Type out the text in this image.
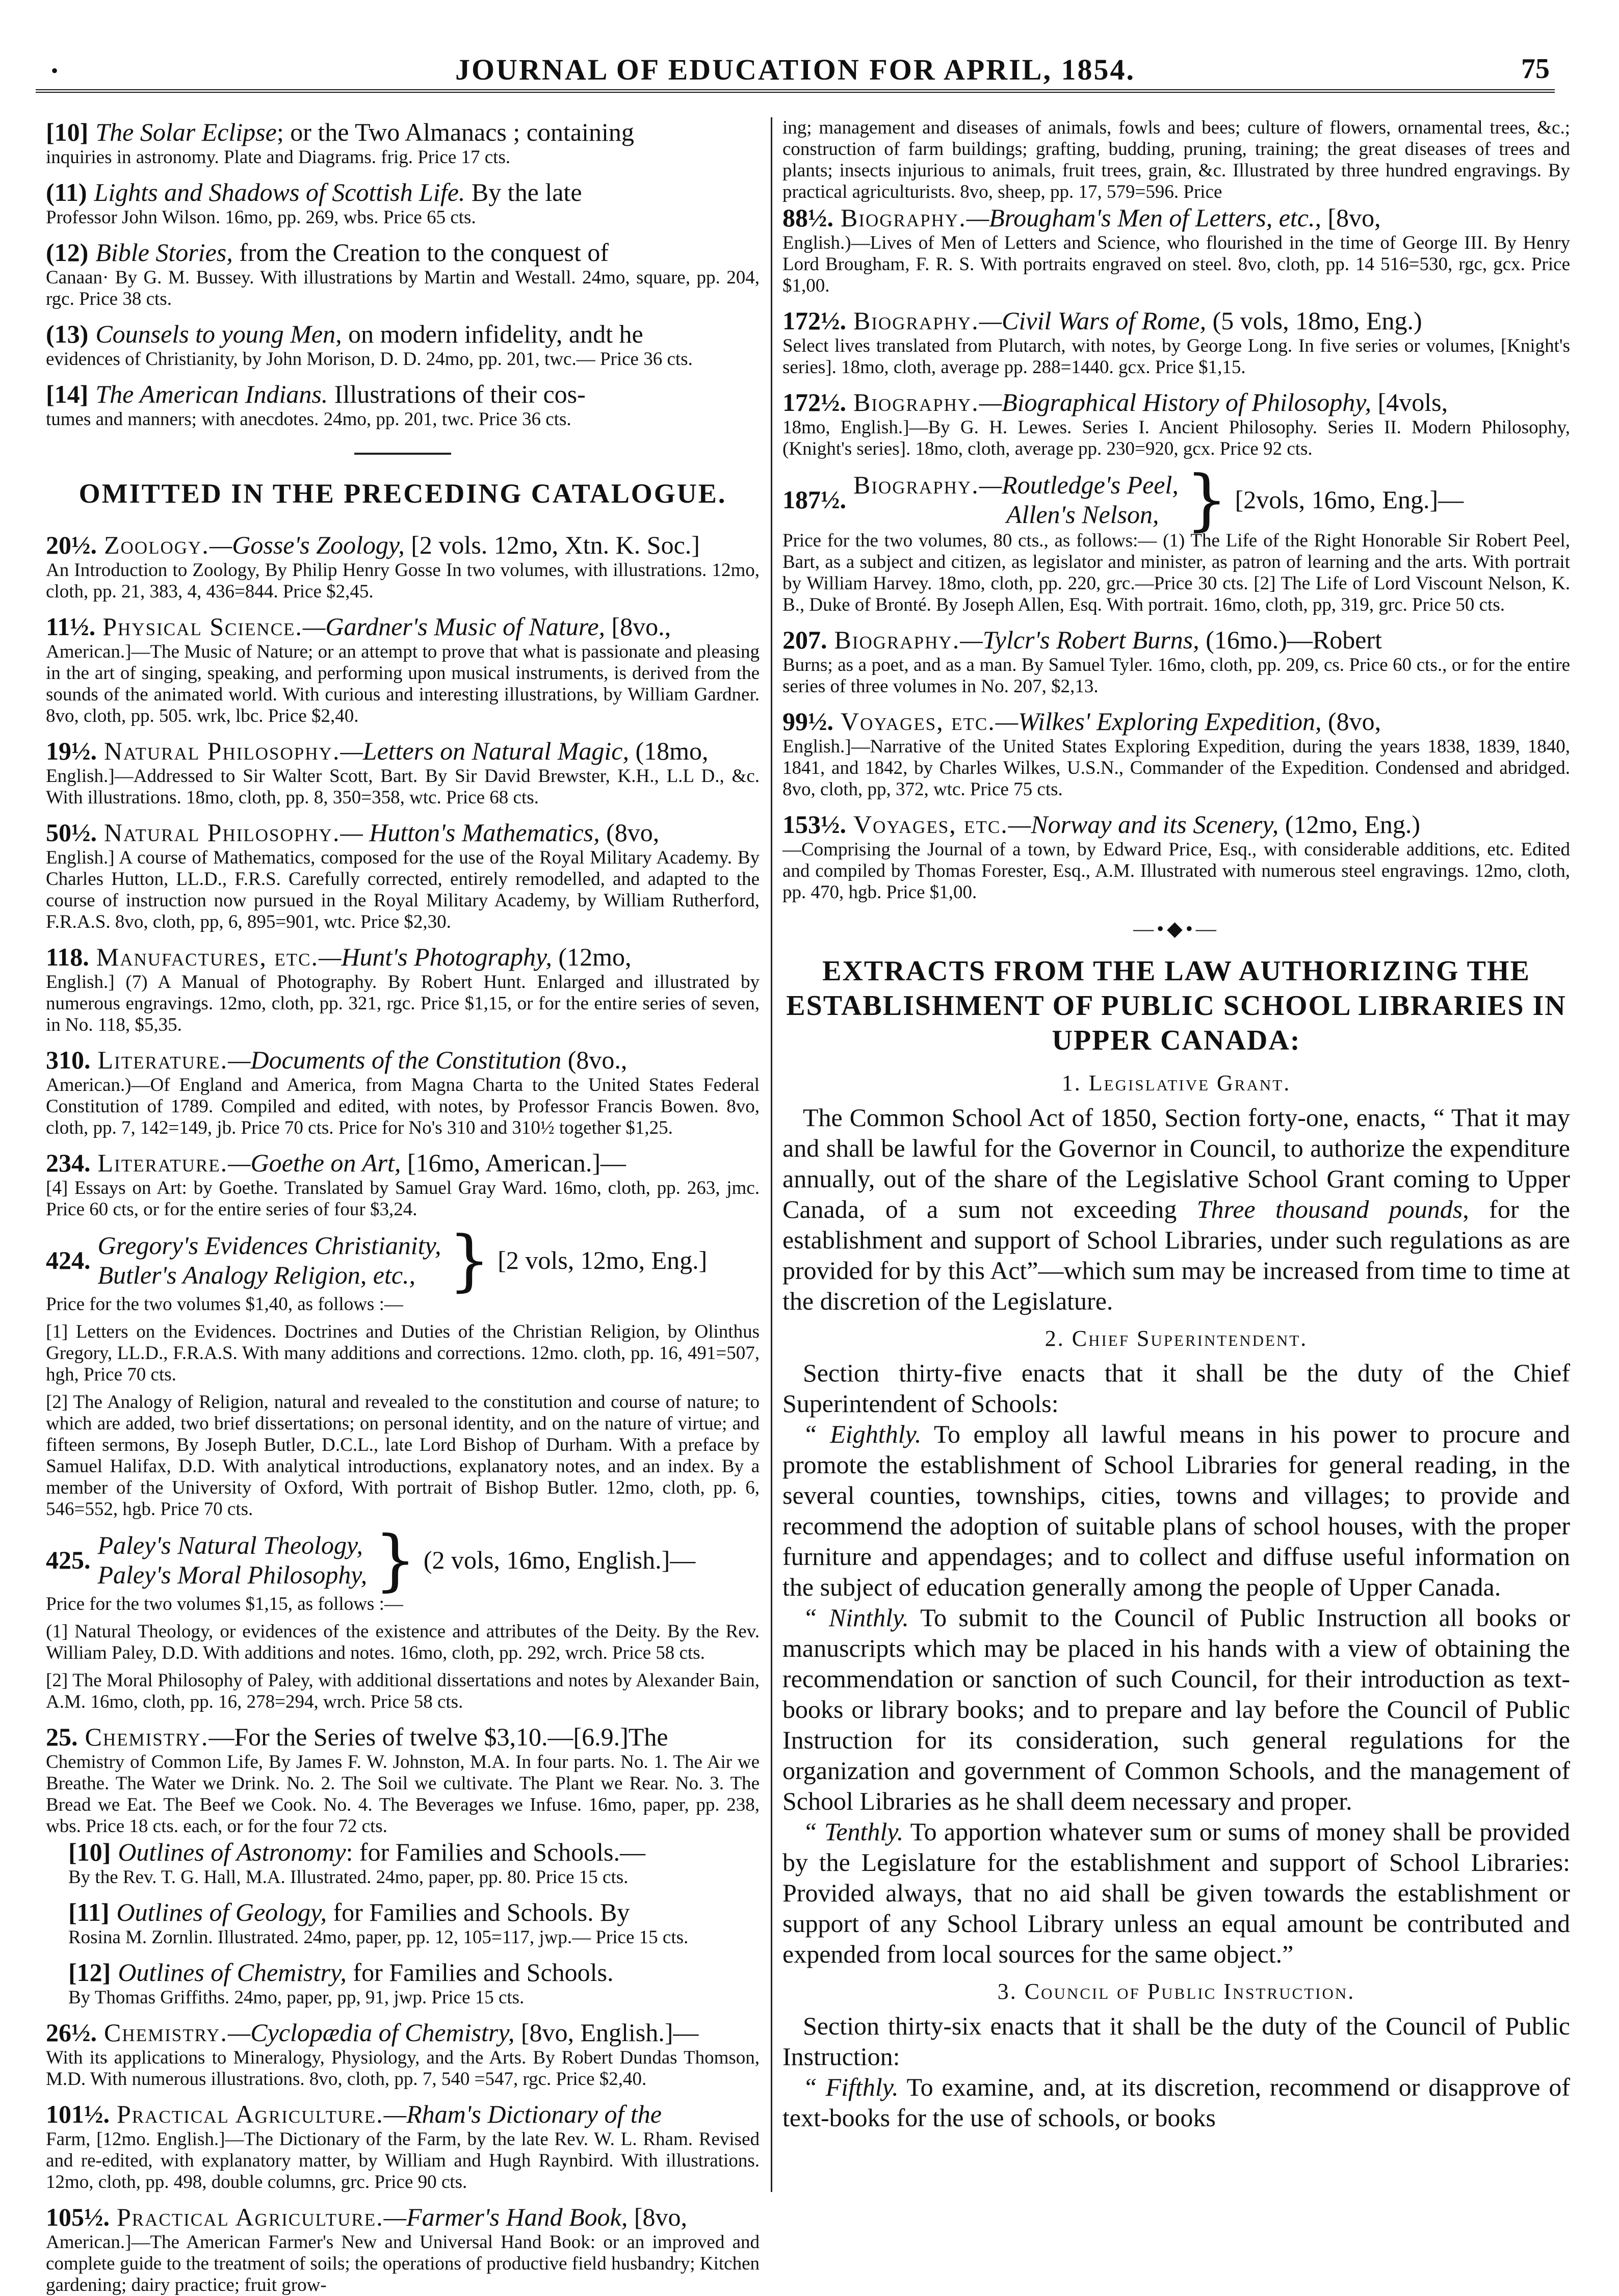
•	JOURNAL OF EDUCATION FOR APRIL, 1854.	75
[10] The Solar Eclipse; or the Two Almanacs ; containing
inquiries in astronomy. Plate and Diagrams. frig. Price 17 cts.
(11) Lights and Shadows of Scottish Life. By the late
Professor John Wilson. 16mo, pp. 269, wbs. Price 65 cts.
(12) Bible Stories, from the Creation to the conquest of
Canaan· By G. M. Bussey. With illustrations by Martin and Westall. 24mo, square, pp. 204, rgc. Price 38 cts.
(13) Counsels to young Men, on modern infidelity, andt he
evidences of Christianity, by John Morison, D. D. 24mo, pp. 201, twc.— Price 36 cts.
[14] The American Indians. Illustrations of their cos-
tumes and manners; with anecdotes. 24mo, pp. 201, twc. Price 36 cts.
OMITTED IN THE PRECEDING CATALOGUE.
20½. Zoology.—Gosse's Zoology, [2 vols. 12mo, Xtn. K. Soc.]
An Introduction to Zoology, By Philip Henry Gosse In two volumes, with illustrations. 12mo, cloth, pp. 21, 383, 4, 436=844. Price $2,45.
11½. Physical Science.—Gardner's Music of Nature, [8vo.,
American.]—The Music of Nature; or an attempt to prove that what is passionate and pleasing in the art of singing, speaking, and performing upon musical instruments, is derived from the sounds of the animated world. With curious and interesting illustrations, by William Gardner. 8vo, cloth, pp. 505. wrk, lbc. Price $2,40.
19½. Natural Philosophy.—Letters on Natural Magic, (18mo,
English.]—Addressed to Sir Walter Scott, Bart. By Sir David Brewster, K.H., L.L D., &c. With illustrations. 18mo, cloth, pp. 8, 350=358, wtc. Price 68 cts.
50½. Natural Philosophy.— Hutton's Mathematics, (8vo,
English.] A course of Mathematics, composed for the use of the Royal Military Academy. By Charles Hutton, LL.D., F.R.S. Carefully corrected, entirely remodelled, and adapted to the course of instruction now pursued in the Royal Military Academy, by William Rutherford, F.R.A.S. 8vo, cloth, pp, 6, 895=901, wtc. Price $2,30.
118. Manufactures, etc.—Hunt's Photography, (12mo,
English.] (7) A Manual of Photography. By Robert Hunt. Enlarged and illustrated by numerous engravings. 12mo, cloth, pp. 321, rgc. Price $1,15, or for the entire series of seven, in No. 118, $5,35.
310. Literature.—Documents of the Constitution (8vo.,
American.)—Of England and America, from Magna Charta to the United States Federal Constitution of 1789. Compiled and edited, with notes, by Professor Francis Bowen. 8vo, cloth, pp. 7, 142=149, jb. Price 70 cts. Price for No's 310 and 310½ together $1,25.
234. Literature.—Goethe on Art, [16mo, American.]—
[4] Essays on Art: by Goethe. Translated by Samuel Gray Ward. 16mo, cloth, pp. 263, jmc. Price 60 cts, or for the entire series of four $3,24.
424.
Gregory's Evidences Christianity,
Butler's Analogy Religion, etc., } [2 vols, 12mo, Eng.]
Price for the two volumes $1,40, as follows :—
[1] Letters on the Evidences. Doctrines and Duties of the Christian Religion, by Olinthus Gregory, LL.D., F.R.A.S. With many additions and corrections. 12mo. cloth, pp. 16, 491=507, hgh, Price 70 cts.
[2] The Analogy of Religion, natural and revealed to the constitution and course of nature; to which are added, two brief dissertations; on personal identity, and on the nature of virtue; and fifteen sermons, By Joseph Butler, D.C.L., late Lord Bishop of Durham. With a preface by Samuel Halifax, D.D. With analytical introductions, explanatory notes, and an index. By a member of the University of Oxford, With portrait of Bishop Butler. 12mo, cloth, pp. 6, 546=552, hgb. Price 70 cts.
425.
Paley's Natural Theology,
Paley's Moral Philosophy, } (2 vols, 16mo, English.]—
Price for the two volumes $1,15, as follows :—
(1] Natural Theology, or evidences of the existence and attributes of the Deity. By the Rev. William Paley, D.D. With additions and notes. 16mo, cloth, pp. 292, wrch. Price 58 cts.
[2] The Moral Philosophy of Paley, with additional dissertations and notes by Alexander Bain, A.M. 16mo, cloth, pp. 16, 278=294, wrch. Price 58 cts.
25. Chemistry.—For the Series of twelve $3,10.—[6.9.]The
Chemistry of Common Life, By James F. W. Johnston, M.A. In four parts. No. 1. The Air we Breathe. The Water we Drink. No. 2. The Soil we cultivate. The Plant we Rear. No. 3. The Bread we Eat. The Beef we Cook. No. 4. The Beverages we Infuse. 16mo, paper, pp. 238, wbs. Price 18 cts. each, or for the four 72 cts.
[10] Outlines of Astronomy: for Families and Schools.—
By the Rev. T. G. Hall, M.A. Illustrated. 24mo, paper, pp. 80. Price 15 cts.
[11] Outlines of Geology, for Families and Schools. By
Rosina M. Zornlin. Illustrated. 24mo, paper, pp. 12, 105=117, jwp.— Price 15 cts.
[12] Outlines of Chemistry, for Families and Schools.
By Thomas Griffiths. 24mo, paper, pp, 91, jwp. Price 15 cts.
26½. Chemistry.—Cyclopædia of Chemistry, [8vo, English.]—
With its applications to Mineralogy, Physiology, and the Arts. By Robert Dundas Thomson, M.D. With numerous illustrations. 8vo, cloth, pp. 7, 540 =547, rgc. Price $2,40.
101½. Practical Agriculture.—Rham's Dictionary of the
Farm, [12mo. English.]—The Dictionary of the Farm, by the late Rev. W. L. Rham. Revised and re-edited, with explanatory matter, by William and Hugh Raynbird. With illustrations. 12mo, cloth, pp. 498, double columns, grc. Price 90 cts.
105½. Practical Agriculture.—Farmer's Hand Book, [8vo,
American.]—The American Farmer's New and Universal Hand Book: or an improved and complete guide to the treatment of soils; the operations of productive field husbandry; Kitchen gardening; dairy practice; fruit grow-
ing; management and diseases of animals, fowls and bees; culture of flowers, ornamental trees, &c.; construction of farm buildings; grafting, budding, pruning, training; the great diseases of trees and plants; insects injurious to animals, fruit trees, grain, &c. Illustrated by three hundred engravings. By practical agriculturists. 8vo, sheep, pp. 17, 579=596. Price
88½. Biography.—Brougham's Men of Letters, etc., [8vo,
English.)—Lives of Men of Letters and Science, who flourished in the time of George III. By Henry Lord Brougham, F. R. S. With portraits engraved on steel. 8vo, cloth, pp. 14 516=530, rgc, gcx. Price $1,00.
172½. Biography.—Civil Wars of Rome, (5 vols, 18mo, Eng.)
Select lives translated from Plutarch, with notes, by George Long. In five series or volumes, [Knight's series]. 18mo, cloth, average pp. 288=1440. gcx. Price $1,15.
172½. Biography.—Biographical History of Philosophy, [4vols,
18mo, English.]—By G. H. Lewes. Series I. Ancient Philosophy. Series II. Modern Philosophy, (Knight's series]. 18mo, cloth, average pp. 230=920, gcx. Price 92 cts.
187½.
Biography.—Routledge's Peel,
Allen's Nelson, } [2vols, 16mo, Eng.]—
Price for the two volumes, 80 cts., as follows:— (1) The Life of the Right Honorable Sir Robert Peel, Bart, as a subject and citizen, as legislator and minister, as patron of learning and the arts. With portrait by William Harvey. 18mo, cloth, pp. 220, grc.—Price 30 cts. [2] The Life of Lord Viscount Nelson, K. B., Duke of Bronté. By Joseph Allen, Esq. With portrait. 16mo, cloth, pp, 319, grc. Price 50 cts.
207. Biography.—Tylcr's Robert Burns, (16mo.)—Robert
Burns; as a poet, and as a man. By Samuel Tyler. 16mo, cloth, pp. 209, cs. Price 60 cts., or for the entire series of three volumes in No. 207, $2,13.
99½. Voyages, etc.—Wilkes' Exploring Expedition, (8vo,
English.]—Narrative of the United States Exploring Expedition, during the years 1838, 1839, 1840, 1841, and 1842, by Charles Wilkes, U.S.N., Commander of the Expedition. Condensed and abridged. 8vo, cloth, pp, 372, wtc. Price 75 cts.
153½. Voyages, etc.—Norway and its Scenery, (12mo, Eng.)
—Comprising the Journal of a town, by Edward Price, Esq., with considerable additions, etc. Edited and compiled by Thomas Forester, Esq., A.M. Illustrated with numerous steel engravings. 12mo, cloth, pp. 470, hgb. Price $1,00.
—•◆•—
EXTRACTS FROM THE LAW AUTHORIZING THE ESTABLISHMENT OF PUBLIC SCHOOL LIBRARIES IN UPPER CANADA:
1. Legislative Grant.

The Common School Act of 1850, Section forty-one, enacts, “ That it may and shall be lawful for the Governor in Council, to authorize the expenditure annually, out of the share of the Legislative School Grant coming to Upper Canada, of a sum not exceeding Three thousand pounds, for the establishment and support of School Libraries, under such regulations as are provided for by this Act”—which sum may be increased from time to time at the discretion of the Legislature.

2. Chief Superintendent.

Section thirty-five enacts that it shall be the duty of the Chief Superintendent of Schools:

“ Eighthly. To employ all lawful means in his power to procure and promote the establishment of School Libraries for general reading, in the several counties, townships, cities, towns and villages; to provide and recommend the adoption of suitable plans of school houses, with the proper furniture and appendages; and to collect and diffuse useful information on the subject of education generally among the people of Upper Canada.

“ Ninthly. To submit to the Council of Public Instruction all books or manuscripts which may be placed in his hands with a view of obtaining the recommendation or sanction of such Council, for their introduction as text-books or library books; and to prepare and lay before the Council of Public Instruction for its consideration, such general regulations for the organization and government of Common Schools, and the management of School Libraries as he shall deem necessary and proper.

“ Tenthly. To apportion whatever sum or sums of money shall be provided by the Legislature for the establishment and support of School Libraries: Provided always, that no aid shall be given towards the establishment or support of any School Library unless an equal amount be contributed and expended from local sources for the same object.”

3. Council of Public Instruction.

Section thirty-six enacts that it shall be the duty of the Council of Public Instruction:

“ Fifthly. To examine, and, at its discretion, recommend or disapprove of text-books for the use of schools, or books
